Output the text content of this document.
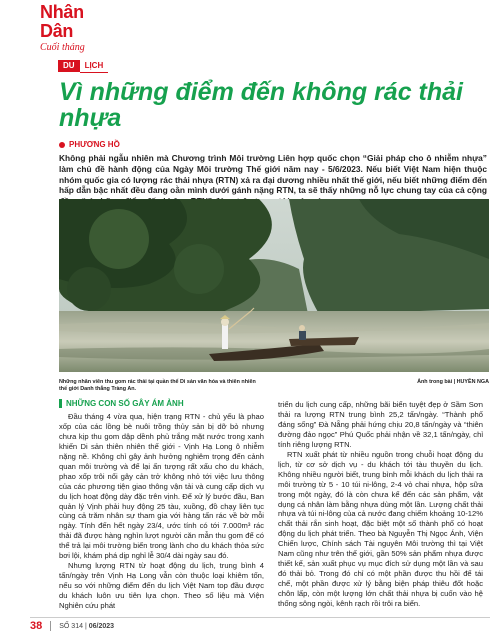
Nhân Dân
Cuối tháng
DU	LỊCH
Vì những điểm đến không rác thải nhựa
PHƯƠNG HỒ
Không phải ngẫu nhiên mà Chương trình Môi trường Liên hợp quốc chọn “Giải pháp cho ô nhiễm nhựa” làm chủ đề hành động của Ngày Môi trường Thế giới năm nay - 5/6/2023. Nếu biết Việt Nam hiện thuộc nhóm quốc gia có lượng rác thải nhựa (RTN) xả ra đại dương nhiều nhất thế giới, nếu biết những điểm đến hấp dẫn bậc nhất đều đang oằn mình dưới gánh nặng RTN, ta sẽ thấy những nỗ lực chung tay của cả cộng
Những nhân viên thu gom rác thải tại quần thể Di sản văn hóa và thiên nhiên thế giới Danh thắng Tràng An.
Ảnh trong bài | HUYỀN NGA
NHỮNG CON SỐ GÂY ÁM ẢNH

Đầu tháng 4 vừa qua, hiện trạng RTN - chủ yếu là phao xốp của các lồng bè nuôi trồng thủy sản bị dỡ bỏ nhưng chưa kịp thu gom dập dềnh phủ trắng mặt nước trong xanh khiến Di sản thiên nhiên thế giới - Vịnh Hạ Long ô nhiễm nặng nề. Không chỉ gây ảnh hưởng nghiêm trọng đến cảnh quan môi trường và để lại ấn tượng rất xấu cho du khách, phao xốp trôi nổi gây cản trở không nhỏ tới việc lưu thông của các phương tiện giao thông vận tải và cung cấp dịch vụ du lịch hoạt động dày đặc trên vịnh. Để xử lý bước đầu, Ban quản lý Vịnh phải huy động 25 tàu, xuồng, đồ chạy liên tục cùng cả trăm nhân sự tham gia với hàng tấn rác về bờ mỗi ngày. Tính đến hết ngày 23/4, ước tính có tới 7.000m³ rác thải đã được hàng nghìn lượt người căn mẫn thu gom để có thể trả lại môi trường biển trong lành cho du khách thỏa sức bơi lội, khám phá dịp nghỉ lễ 30/4 dài ngày sau đó.

Nhưng lượng RTN từ hoạt động du lịch, trung bình 4 tấn/ngày trên Vịnh Hạ Long vẫn còn thuộc loại khiêm tốn, nếu so với những điểm đến du lịch Việt Nam top đầu được du khách luôn ưu tiên lựa chọn. Theo số liệu mà Viện Nghiên cứu phát

triển du lịch cung cấp, những bãi biển tuyệt đẹp ở Sầm Sơn thải ra lượng RTN trung bình 25,2 tấn/ngày. “Thành phố đáng sống” Đà Nẵng phải hứng chịu 20,8 tấn/ngày và “thiên đường đảo ngọc” Phú Quốc phải nhận về 32,1 tấn/ngày, chỉ tính riêng lượng RTN.

RTN xuất phát từ nhiều nguồn trong chuỗi hoạt động du lịch, từ cơ sở dịch vụ - du khách tới tàu thuyền du lịch. Không nhiều người biết, trung bình mỗi khách du lịch thải ra môi trường từ 5 - 10 túi ni-lông, 2-4 vỏ chai nhựa, hộp sữa trong một ngày, đó là còn chưa kể đến các sản phẩm, vật dụng cá nhân làm bằng nhựa dùng một lần. Lượng chất thải nhựa và túi ni-lông của cả nước đang chiếm khoảng 10-12% chất thải rắn sinh hoạt, đặc biệt một số thành phố có hoạt động du lịch phát triển. Theo bà Nguyễn Thị Ngọc Ánh, Viện Chiến lược, Chính sách Tài nguyên Môi trường thì tại Việt Nam cũng như trên thế giới, gần 50% sản phẩm nhựa được thiết kế, sản xuất phục vụ mục đích sử dụng một lần và sau đó thải bỏ. Trong đó chỉ có một phần được thu hồi để tái chế, một phần được xử lý bằng biện pháp thiêu đốt hoặc chôn lấp, còn một lượng lớn chất thải nhựa bị cuốn vào hệ thống sông ngòi, kênh rạch rồi trôi ra biển.

38 SỐ 314 | 06/2023
